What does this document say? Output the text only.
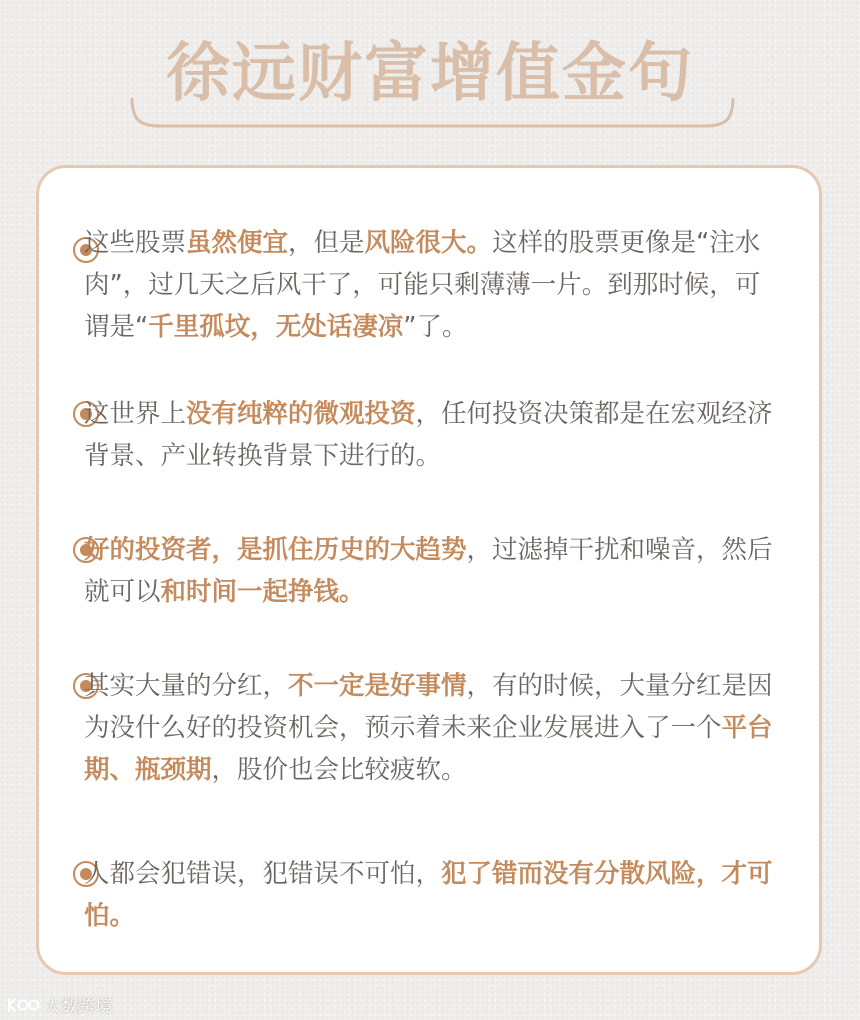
徐远财富增值金句

这些股票虽然便宜，但是风险很大。这样的股票更像是“注水肉”，过几天之后风干了，可能只剩薄薄一片。到那时候，可谓是“千里孤坟，无处话凄凉”了。

这世界上没有纯粹的微观投资，任何投资决策都是在宏观经济背景、产业转换背景下进行的。

好的投资者，是抓住历史的大趋势，过滤掉干扰和噪音，然后就可以和时间一起挣钱。

其实大量的分红，不一定是好事情，有的时候，大量分红是因为没什么好的投资机会，预示着未来企业发展进入了一个平台期、瓶颈期，股价也会比较疲软。

人都会犯错误，犯错误不可怕，犯了错而没有分散风险，才可怕。

大数跨境
